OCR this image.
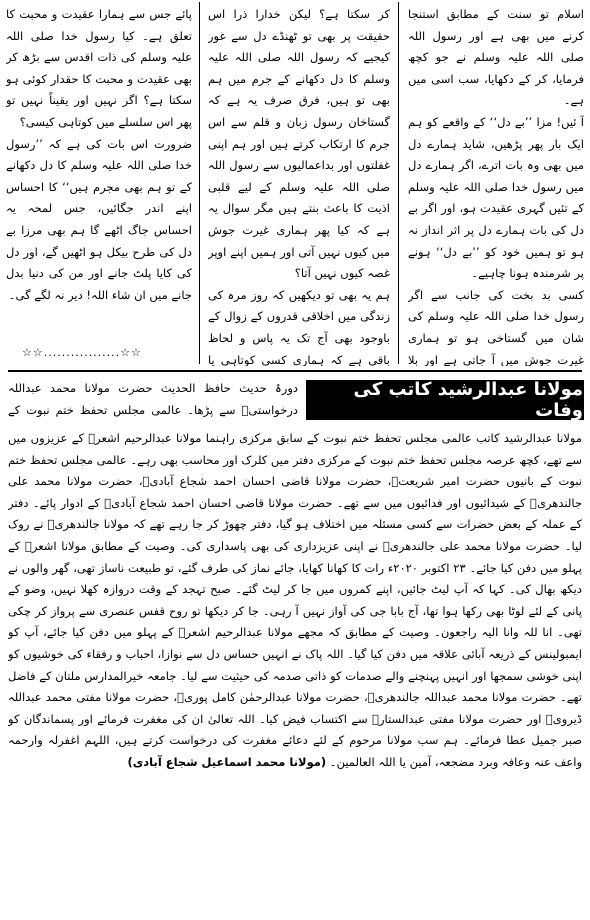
اسلام تو سنت کے مطابق استنجا کرنے میں بھی ہے اور رسول اللہ صلی اللہ علیہ وسلم نے جو کچھ فرمایا، کر کے دکھایا، سب اسی میں ہے۔

آ ئیں! مزا ’’بے دل‘‘ کے واقعے کو ہم ایک بار پھر پڑھیں، شاید ہمارے دل میں بھی وہ بات اترے، اگر ہمارے دل میں رسول خدا صلی اللہ علیہ وسلم کے تئیں گہری عقیدت ہو، اور اگر بے دل کی بات ہمارے دل پر اثر انداز نہ ہو تو ہمیں خود کو ’’بے دل‘‘ ہونے پر شرمندہ ہونا چاہیے۔

کسی بد بخت کی جانب سے اگر رسول خدا صلی اللہ علیہ وسلم کی شان میں گستاخی ہو تو ہماری غیرت جوش میں آ جاتی ہے اور بلا

کر سکتا ہے؟ لیکن خدارا ذرا اس حقیقت پر بھی تو ٹھنڈے دل سے غور کیجیے کہ رسول اللہ صلی اللہ علیہ وسلم کا دل دکھانے کے جرم میں ہم بھی تو ہیں، فرق صرف یہ ہے کہ گستاخان رسول زبان و قلم سے اس جرم کا ارتکاب کرتے ہیں اور ہم اپنی غفلتوں اور بداعمالیوں سے رسول اللہ صلی اللہ علیہ وسلم کے لیے قلبی اذیت کا باعث بنتے ہیں مگر سوال یہ ہے کہ کیا پھر ہماری غیرت جوش میں کیوں نہیں آتی اور ہمیں اپنے اوپر غصہ کیوں نہیں آتا؟

ہم یہ بھی تو دیکھیں کہ روز مرہ کی زندگی میں اخلاقی قدروں کے زوال کے باوجود بھی آج تک یہ پاس و لحاظ باقی ہے کہ ہماری کسی کوتاہی یا

پائے جس سے ہمارا عقیدت و محبت کا تعلق ہے۔ کیا رسول خدا صلی اللہ علیہ وسلم کی ذات اقدس سے بڑھ کر بھی عقیدت و محبت کا حقدار کوئی ہو سکتا ہے؟ اگر نہیں اور یقیناً نہیں تو پھر اس سلسلے میں کوتاہی کیسی؟

ضرورت اس بات کی ہے کہ ’’رسول خدا صلی اللہ علیہ وسلم کا دل دکھانے کے تو ہم بھی مجرم ہیں‘‘ کا احساس اپنے اندر جگائیں، جس لمحہ یہ احساس جاگ اٹھے گا ہم بھی مرزا بے دل کی طرح بیکل ہو اٹھیں گے، اور دل کی کایا پلٹ جانے اور من کی دنیا بدل جانے میں ان شاء اللہ! دیر نہ لگے گی۔

☆☆.................☆☆
مولانا عبدالرشید کاتب کی وفات
دورۂ حدیث حافظ الحدیث حضرت مولانا محمد عبداللہ درخواستیؒ سے پڑھا۔ عالمی مجلس تحفظ ختم نبوت کے
مولانا عبدالرشید کاتب عالمی مجلس تحفظ ختم نبوت کے سابق مرکزی راہنما مولانا عبدالرحیم اشعرؒ کے عزیزوں میں سے تھے، کچھ عرصہ مجلس تحفظ ختم نبوت کے مرکزی دفتر میں کلرک اور محاسب بھی رہے۔ عالمی مجلس تحفظ ختم نبوت کے بانیوں حضرت امیر شریعتؒ، حضرت مولانا قاضی احسان احمد شجاع آبادیؒ، حضرت مولانا محمد علی جالندھریؒ کے شیدائیوں اور فدائیوں میں سے تھے۔ حضرت مولانا قاضی احسان احمد شجاع آبادیؒ کے ادوار پائے۔ دفتر کے عملہ کے بعض حضرات سے کسی مسئلہ میں اختلاف ہو گیا، دفتر چھوڑ کر جا رہے تھے کہ مولانا جالندھریؒ نے روک لیا۔ حضرت مولانا محمد علی جالندھریؒ نے اپنی عزیزداری کی بھی پاسداری کی۔ وصیت کے مطابق مولانا اشعرؒ کے پہلو میں دفن کیا جائے۔ ۲۳ اکتوبر ۲۰۲۰ء رات کا کھانا کھایا، جائے نماز کی طرف گئے، تو طبیعت ناساز تھی، گھر والوں نے دیکھ بھال کی۔ کہا کہ آپ لیٹ جائیں، اپنے کمروں میں جا کر لیٹ گئے۔ صبح تہجد کے وقت دروازہ کھلا نہیں، وضو کے پانی کے لئے لوٹا بھی رکھا ہوا تھا، آج بابا جی کی آواز نہیں آ رہی۔ جا کر دیکھا تو روح قفس عنصری سے پرواز کر چکی تھی۔ انا للہ وانا الیہ راجعون۔ وصیت کے مطابق کہ مجھے مولانا عبدالرحیم اشعرؒ کے پہلو میں دفن کیا جائے، آپ کو ایمبولینس کے ذریعہ آبائی علاقہ میں دفن کیا گیا۔ اللہ پاک نے انہیں حساس دل سے نوازا، احباب و رفقاء کی خوشیوں کو اپنی خوشی سمجھا اور انہیں پہنچنے والے صدمات کو ذاتی صدمہ کی حیثیت سے لیا۔ جامعہ خیرالمدارس ملتان کے فاضل تھے۔ حضرت مولانا محمد عبداللہ جالندھریؒ، حضرت مولانا عبدالرحمٰن کامل پوریؒ، حضرت مولانا مفتی محمد عبداللہ ڈیرویؒ اور حضرت مولانا مفتی عبدالستارؒ سے اکتساب فیض کیا۔ اللہ تعالیٰ ان کی مغفرت فرمائے اور پسماندگان کو صبر جمیل عطا فرمائے۔ ہم سب مولانا مرحوم کے لئے دعائے مغفرت کی درخواست کرتے ہیں، اللہم اغفرلہ وارحمہ واعف عنہ وعافہ وبرد مضجعہ، آمین یا اللہ العالمین۔ (مولانا محمد اسماعیل شجاع آبادی)
